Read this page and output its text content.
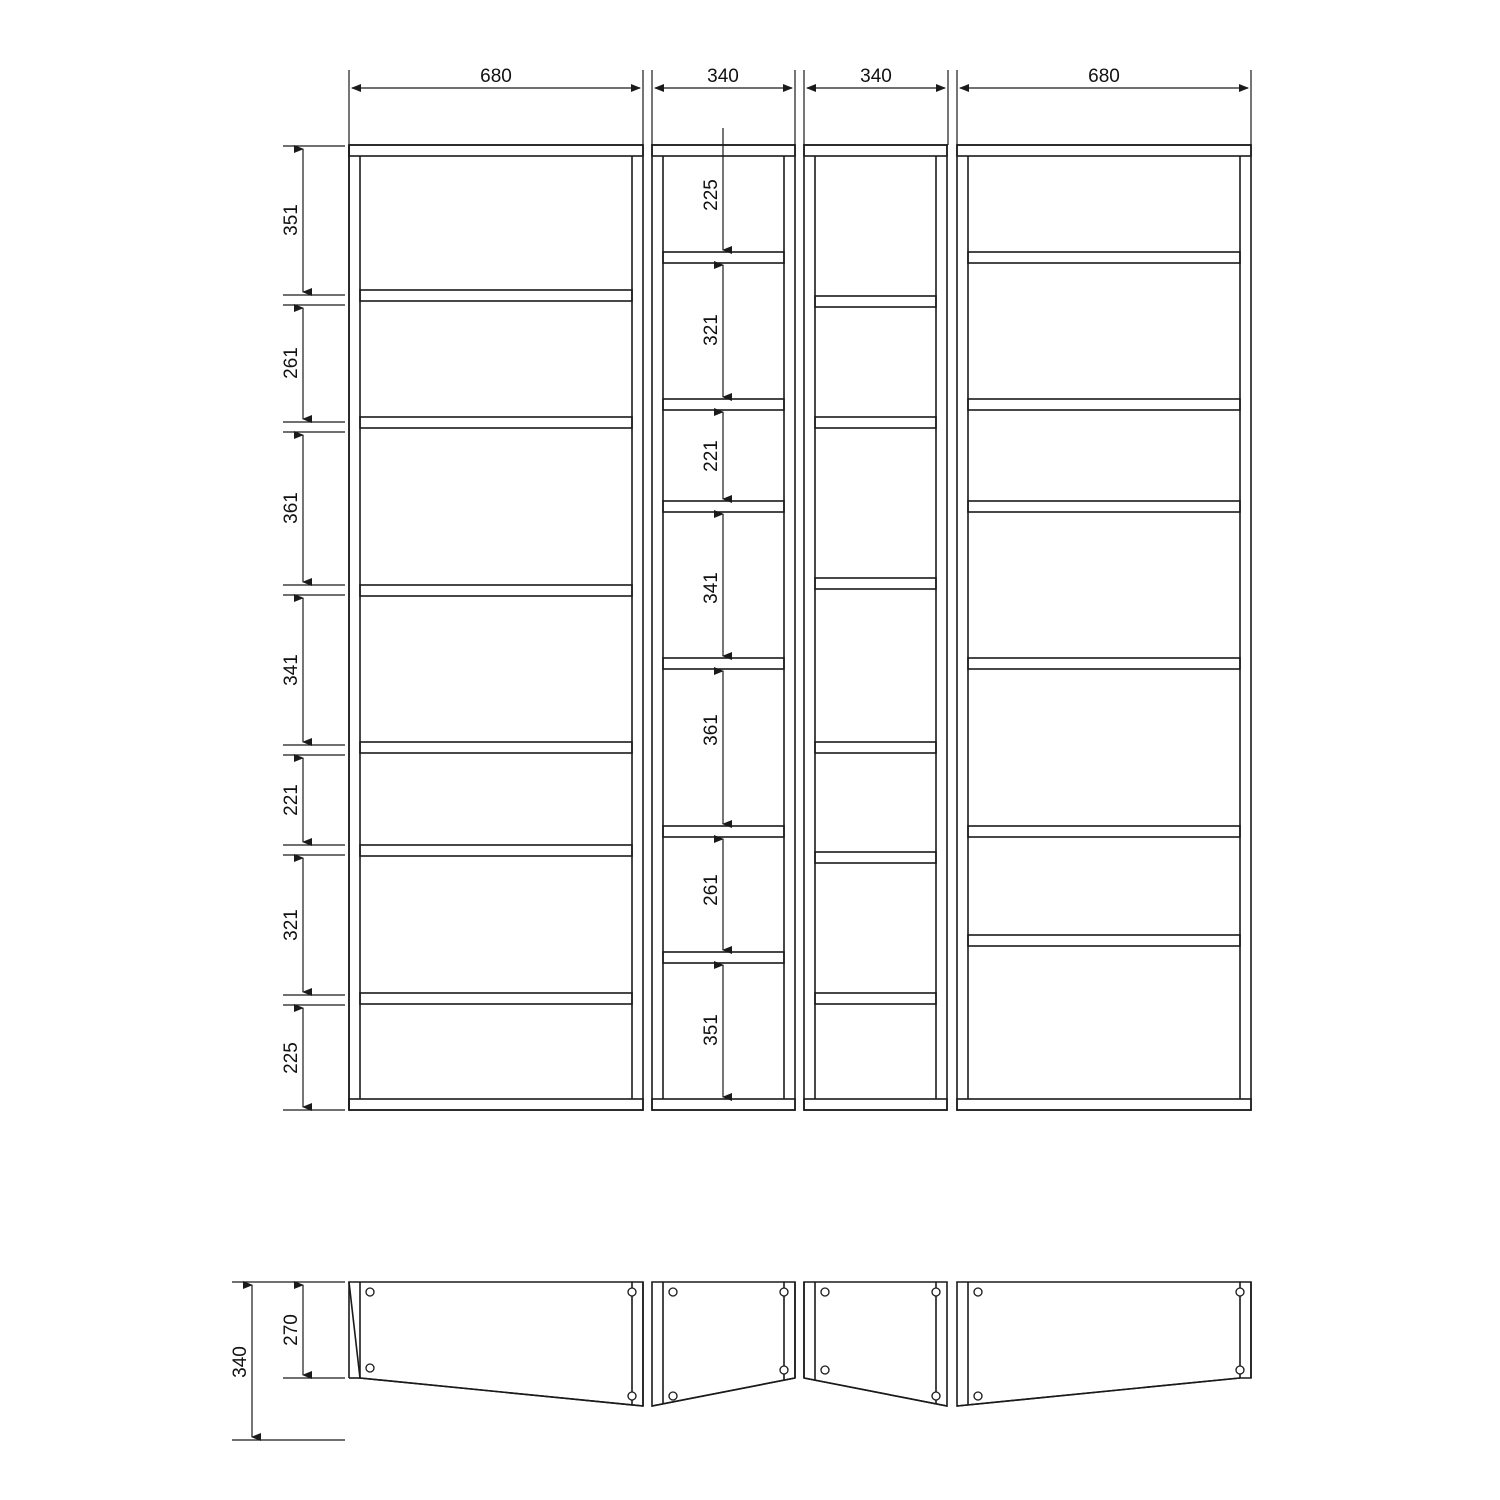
680	340	340	680
351
261
361
341
221
321
225
225
321
221
341
361
261
351
340
270
